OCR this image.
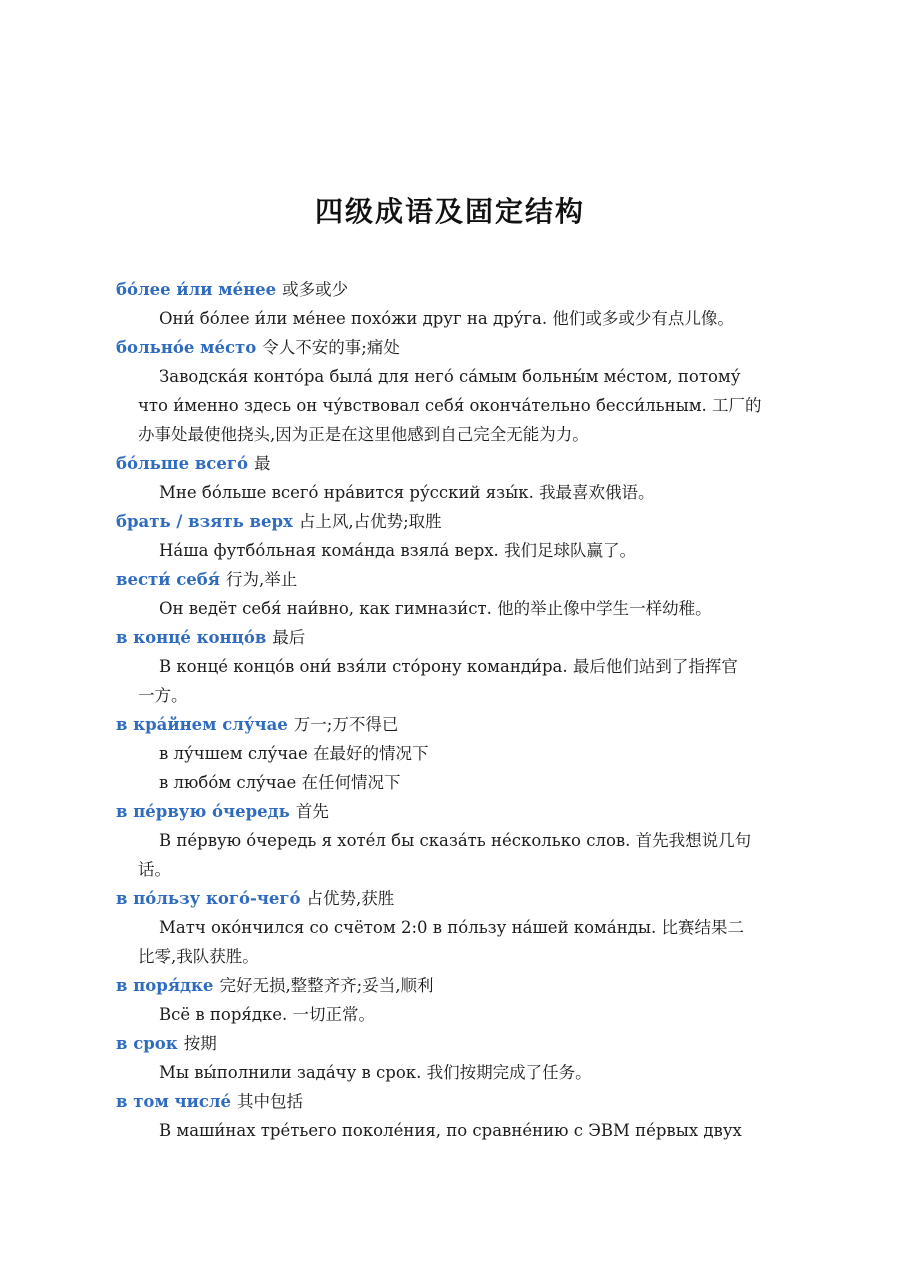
四级成语及固定结构
бо́лее и́ли ме́нее 或多或少
Они́ бо́лее и́ли ме́нее похо́жи друг на дру́га. 他们或多或少有点儿像。
больно́е ме́сто 令人不安的事;痛处
Заводска́я конто́ра была́ для него́ са́мым больны́м ме́стом, потому́
что и́менно здесь он чу́вствовал себя́ оконча́тельно бесси́льным. 工厂的
办事处最使他挠头,因为正是在这里他感到自己完全无能为力。
бо́льше всего́ 最
Мне бо́льше всего́ нра́вится ру́сский язы́к. 我最喜欢俄语。
брать / взять верх 占上风,占优势;取胜
На́ша футбо́льная кома́нда взяла́ верх. 我们足球队赢了。
вести́ себя́ 行为,举止
Он ведёт себя́ наи́вно, как гимнази́ст. 他的举止像中学生一样幼稚。
в конце́ концо́в 最后
В конце́ концо́в они́ взя́ли сто́рону команди́ра. 最后他们站到了指挥官
一方。
в кра́йнем слу́чае 万一;万不得已
в лу́чшем слу́чае 在最好的情况下
в любо́м слу́чае 在任何情况下
в пе́рвую о́чередь 首先
В пе́рвую о́чередь я хоте́л бы сказа́ть не́сколько слов. 首先我想说几句
话。
в по́льзу кого́-чего́ 占优势,获胜
Матч око́нчился со счётом 2:0 в по́льзу на́шей кома́нды. 比赛结果二
比零,我队获胜。
в поря́дке 完好无损,整整齐齐;妥当,顺利
Всё в поря́дке. 一切正常。
в срок 按期
Мы вы́полнили зада́чу в срок. 我们按期完成了任务。
в том числе́ 其中包括
В маши́нах тре́тьего поколе́ния, по сравне́нию с ЭВМ пе́рвых двух
